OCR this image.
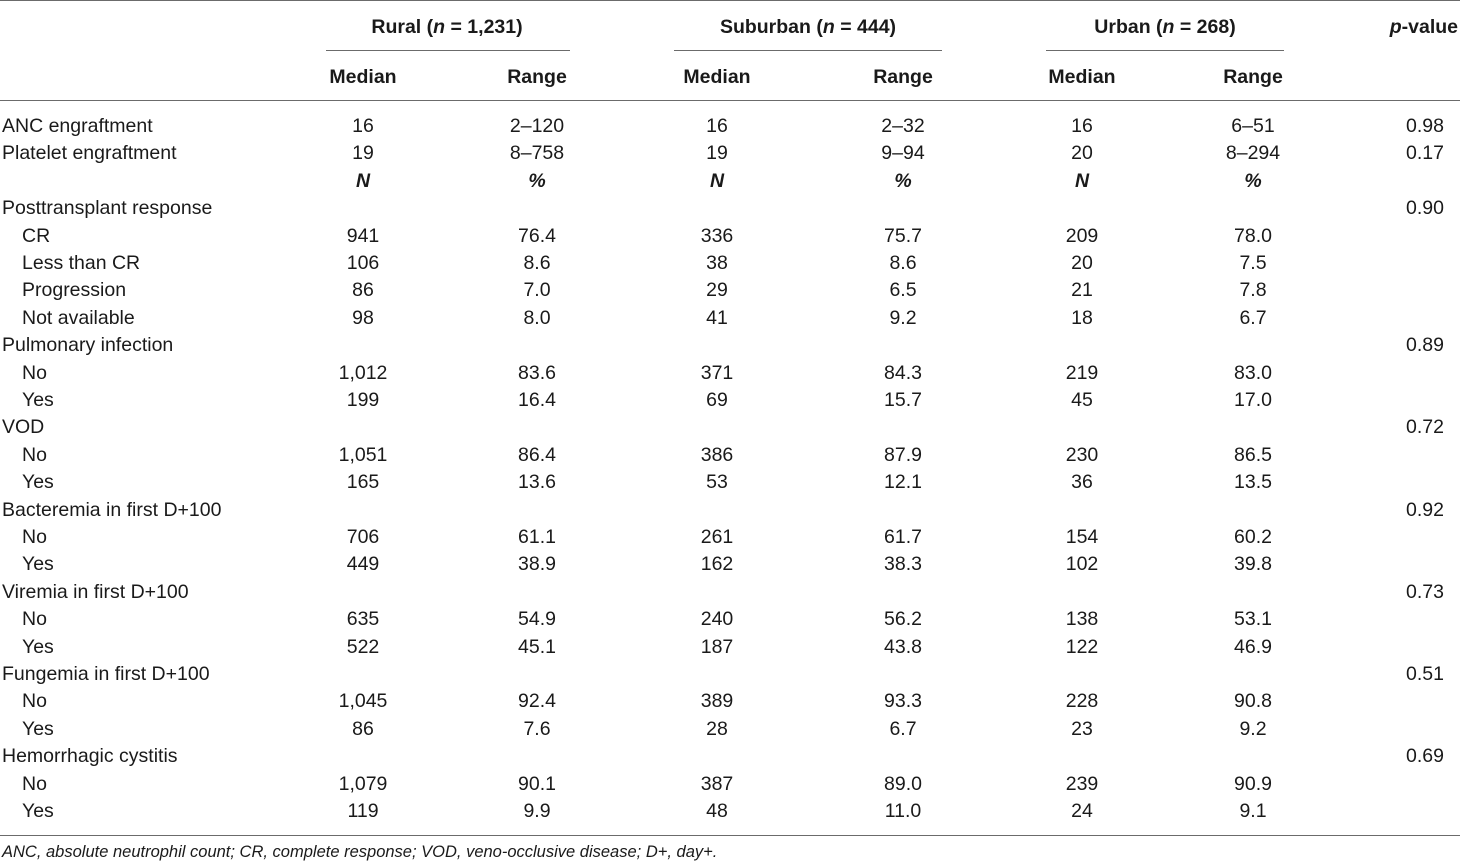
Rural (n = 1,231)	Suburban (n = 444)	Urban (n = 268)	p-value
Median	Range	Median	Range	Median	Range
ANC engraftment	16	2–120	16	2–32	16	6–51	0.98
Platelet engraftment	19	8–758	19	9–94	20	8–294	0.17
N	%	N	%	N	%
Posttransplant response	0.90
CR	941	76.4	336	75.7	209	78.0
Less than CR	106	8.6	38	8.6	20	7.5
Progression	86	7.0	29	6.5	21	7.8
Not available	98	8.0	41	9.2	18	6.7
Pulmonary infection	0.89
No	1,012	83.6	371	84.3	219	83.0
Yes	199	16.4	69	15.7	45	17.0
VOD	0.72
No	1,051	86.4	386	87.9	230	86.5
Yes	165	13.6	53	12.1	36	13.5
Bacteremia in first D+100	0.92
No	706	61.1	261	61.7	154	60.2
Yes	449	38.9	162	38.3	102	39.8
Viremia in first D+100	0.73
No	635	54.9	240	56.2	138	53.1
Yes	522	45.1	187	43.8	122	46.9
Fungemia in first D+100	0.51
No	1,045	92.4	389	93.3	228	90.8
Yes	86	7.6	28	6.7	23	9.2
Hemorrhagic cystitis	0.69
No	1,079	90.1	387	89.0	239	90.9
Yes	119	9.9	48	11.0	24	9.1
ANC, absolute neutrophil count; CR, complete response; VOD, veno-occlusive disease; D+, day+.
